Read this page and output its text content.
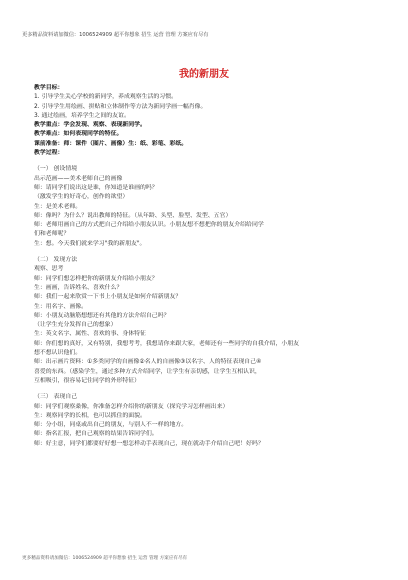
更多精品资料请加微信：1006524909 超平你想象 招生 运营 管理 方案应有尽有
我的新朋友
教学目标：
1. 引导学生关心学校的新同学，养成观察生活的习惯。
2. 引导学生用绘画、拼贴和立体制作等方法为新同学画一幅肖像。
3. 通过绘画，培养学生之间的友谊。
教学重点：学会发现、观察、表现新同学。
教学难点：如何表现同学的特征。
课前准备：师：课件（图片、画像）生：纸、彩笔、彩纸。
教学过程：
（一） 创设情境
出示范画——美术老师自己的画像
师：请同学们说出这是谁，你知道是谁画的吗？
（激发学生的好奇心，创作的欲望）
生：是美术老师。
师：像吗？为什么？说出教师的特征。（从年龄、头型、脸型、发型、五官）
师：老师用画自己的方式把自己介绍给小朋友认识。小朋友想不想把你的朋友介绍给同学
们和老师呢？
生：想。今天我们就来学习"我的新朋友"。
（二） 发现方法
观察、思考
师：同学们想怎样把你的新朋友介绍给小朋友？
生：画画，告诉姓名、喜欢什么？
师：我们一起来欣赏一下书上小朋友是如何介绍新朋友？
生：用名字、画像。
师：小朋友动脑筋想想还有其他的方法介绍自己吗？
（让学生充分发挥自己的想象）
生：英文名字、属性、喜欢的事、身体特征
师：你们想的真好，又有特别，我想考考，我想请你来跟大家，老师还有一些同学的自我介绍，小朋友
想不想认识他们。
师：出示画片资料：①多类同学的自画像②名人的自画像③以名字、人的特征表现自己④
喜爱的东西。（感染学生，通过多种方式介绍同学，让学生有亲切感，让学生互相认识，
互相吸引，很容易记住同学的外形特征）
（三） 表现自己
师：同学们观察桑像，你准备怎样介绍你的新朋友（探究学习怎样画出来）
生：观察同学的长相，也可以抓住的面貌。
师：分小组，同桌或出自己的朋友，与别人不一样的地方。
师：指名汇报，把自己观察的结果告诉同学们。
师：好主意，同学们都要好好想一想怎样动手表现自己，现在就动手介绍自己吧！好吗？
更多精品资料请加微信：1006524909 超平你想象 招生 运营 管理 方案应有尽有
